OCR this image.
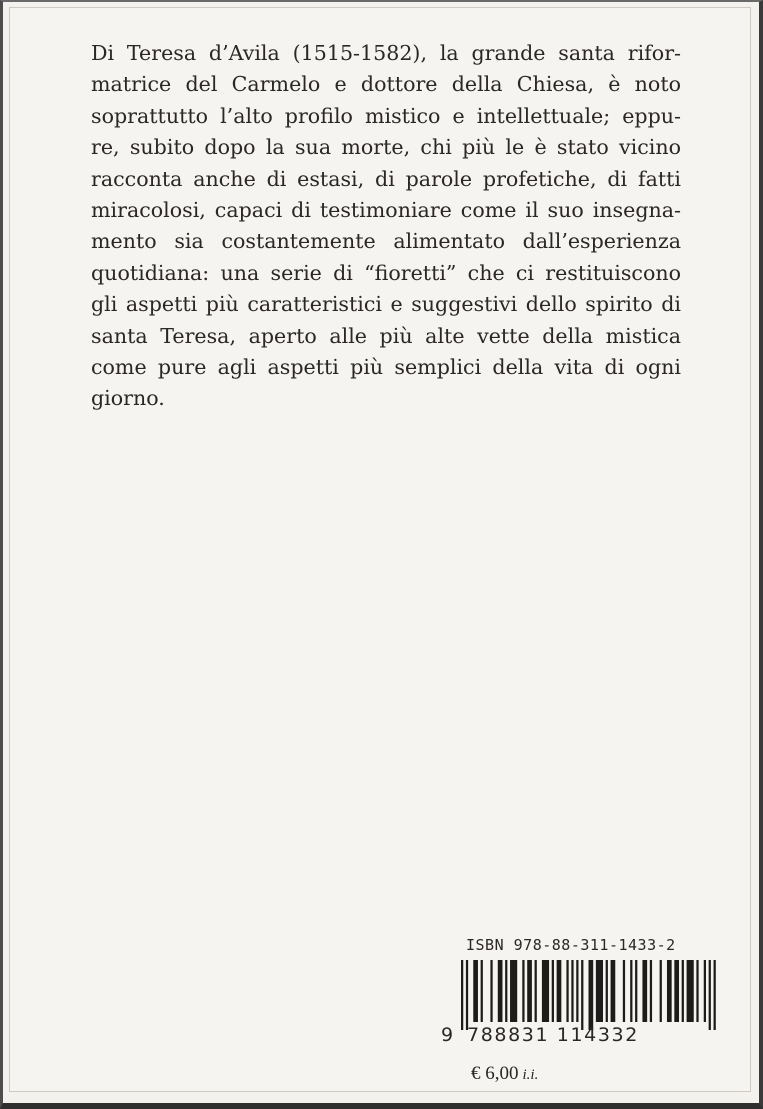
Di Teresa d’Avila (1515-1582), la grande santa rifor-
matrice del Carmelo e dottore della Chiesa, è noto
soprattutto l’alto profilo mistico e intellettuale; eppu-
re, subito dopo la sua morte, chi più le è stato vicino
racconta anche di estasi, di parole profetiche, di fatti
miracolosi, capaci di testimoniare come il suo insegna-
mento sia costantemente alimentato dall’esperienza
quotidiana: una serie di “fioretti” che ci restituiscono
gli aspetti più caratteristici e suggestivi dello spirito di
santa Teresa, aperto alle più alte vette della mistica
come pure agli aspetti più semplici della vita di ogni
giorno.
ISBN 978-88-311-1433-2
9 788831 114332
€ 6,00 i.i.
